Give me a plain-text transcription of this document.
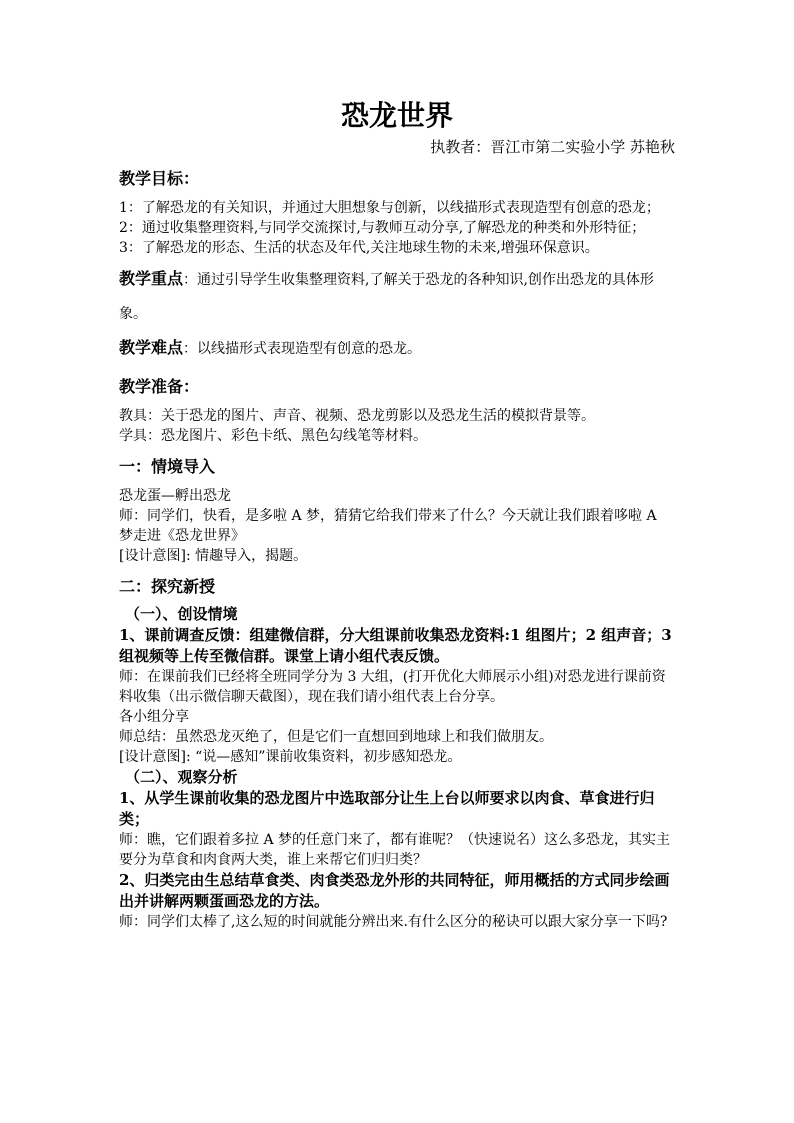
恐龙世界

执教者：晋江市第二实验小学 苏艳秋

教学目标：

1：了解恐龙的有关知识，并通过大胆想象与创新，以线描形式表现造型有创意的恐龙；

2：通过收集整理资料,与同学交流探讨,与教师互动分享,了解恐龙的种类和外形特征；

3：了解恐龙的形态、生活的状态及年代,关注地球生物的未来,增强环保意识。

教学重点：通过引导学生收集整理资料,了解关于恐龙的各种知识,创作出恐龙的具体形象。

教学难点：以线描形式表现造型有创意的恐龙。

教学准备：

教具：关于恐龙的图片、声音、视频、恐龙剪影以及恐龙生活的模拟背景等。

学具：恐龙图片、彩色卡纸、黑色勾线笔等材料。

一：情境导入

恐龙蛋—孵出恐龙

师：同学们，快看，是多啦 A 梦，猜猜它给我们带来了什么？今天就让我们跟着哆啦 A 梦走进《恐龙世界》

[设计意图]: 情趣导入，揭题。

二：探究新授

（一）、创设情境

1、课前调查反馈：组建微信群，分大组课前收集恐龙资料:1 组图片；2 组声音；3 组视频等上传至微信群。课堂上请小组代表反馈。

师：在课前我们已经将全班同学分为 3 大组，(打开优化大师展示小组)对恐龙进行课前资料收集（出示微信聊天截图），现在我们请小组代表上台分享。

各小组分享

师总结：虽然恐龙灭绝了，但是它们一直想回到地球上和我们做朋友。

[设计意图]: “说—感知”课前收集资料，初步感知恐龙。

（二）、观察分析

1、从学生课前收集的恐龙图片中选取部分让生上台以师要求以肉食、草食进行归类；

师：瞧，它们跟着多拉 A 梦的任意门来了，都有谁呢？（快速说名）这么多恐龙，其实主要分为草食和肉食两大类，谁上来帮它们归归类？

2、归类完由生总结草食类、肉食类恐龙外形的共同特征，师用概括的方式同步绘画出并讲解两颗蛋画恐龙的方法。

师：同学们太棒了,这么短的时间就能分辨出来.有什么区分的秘诀可以跟大家分享一下吗?
